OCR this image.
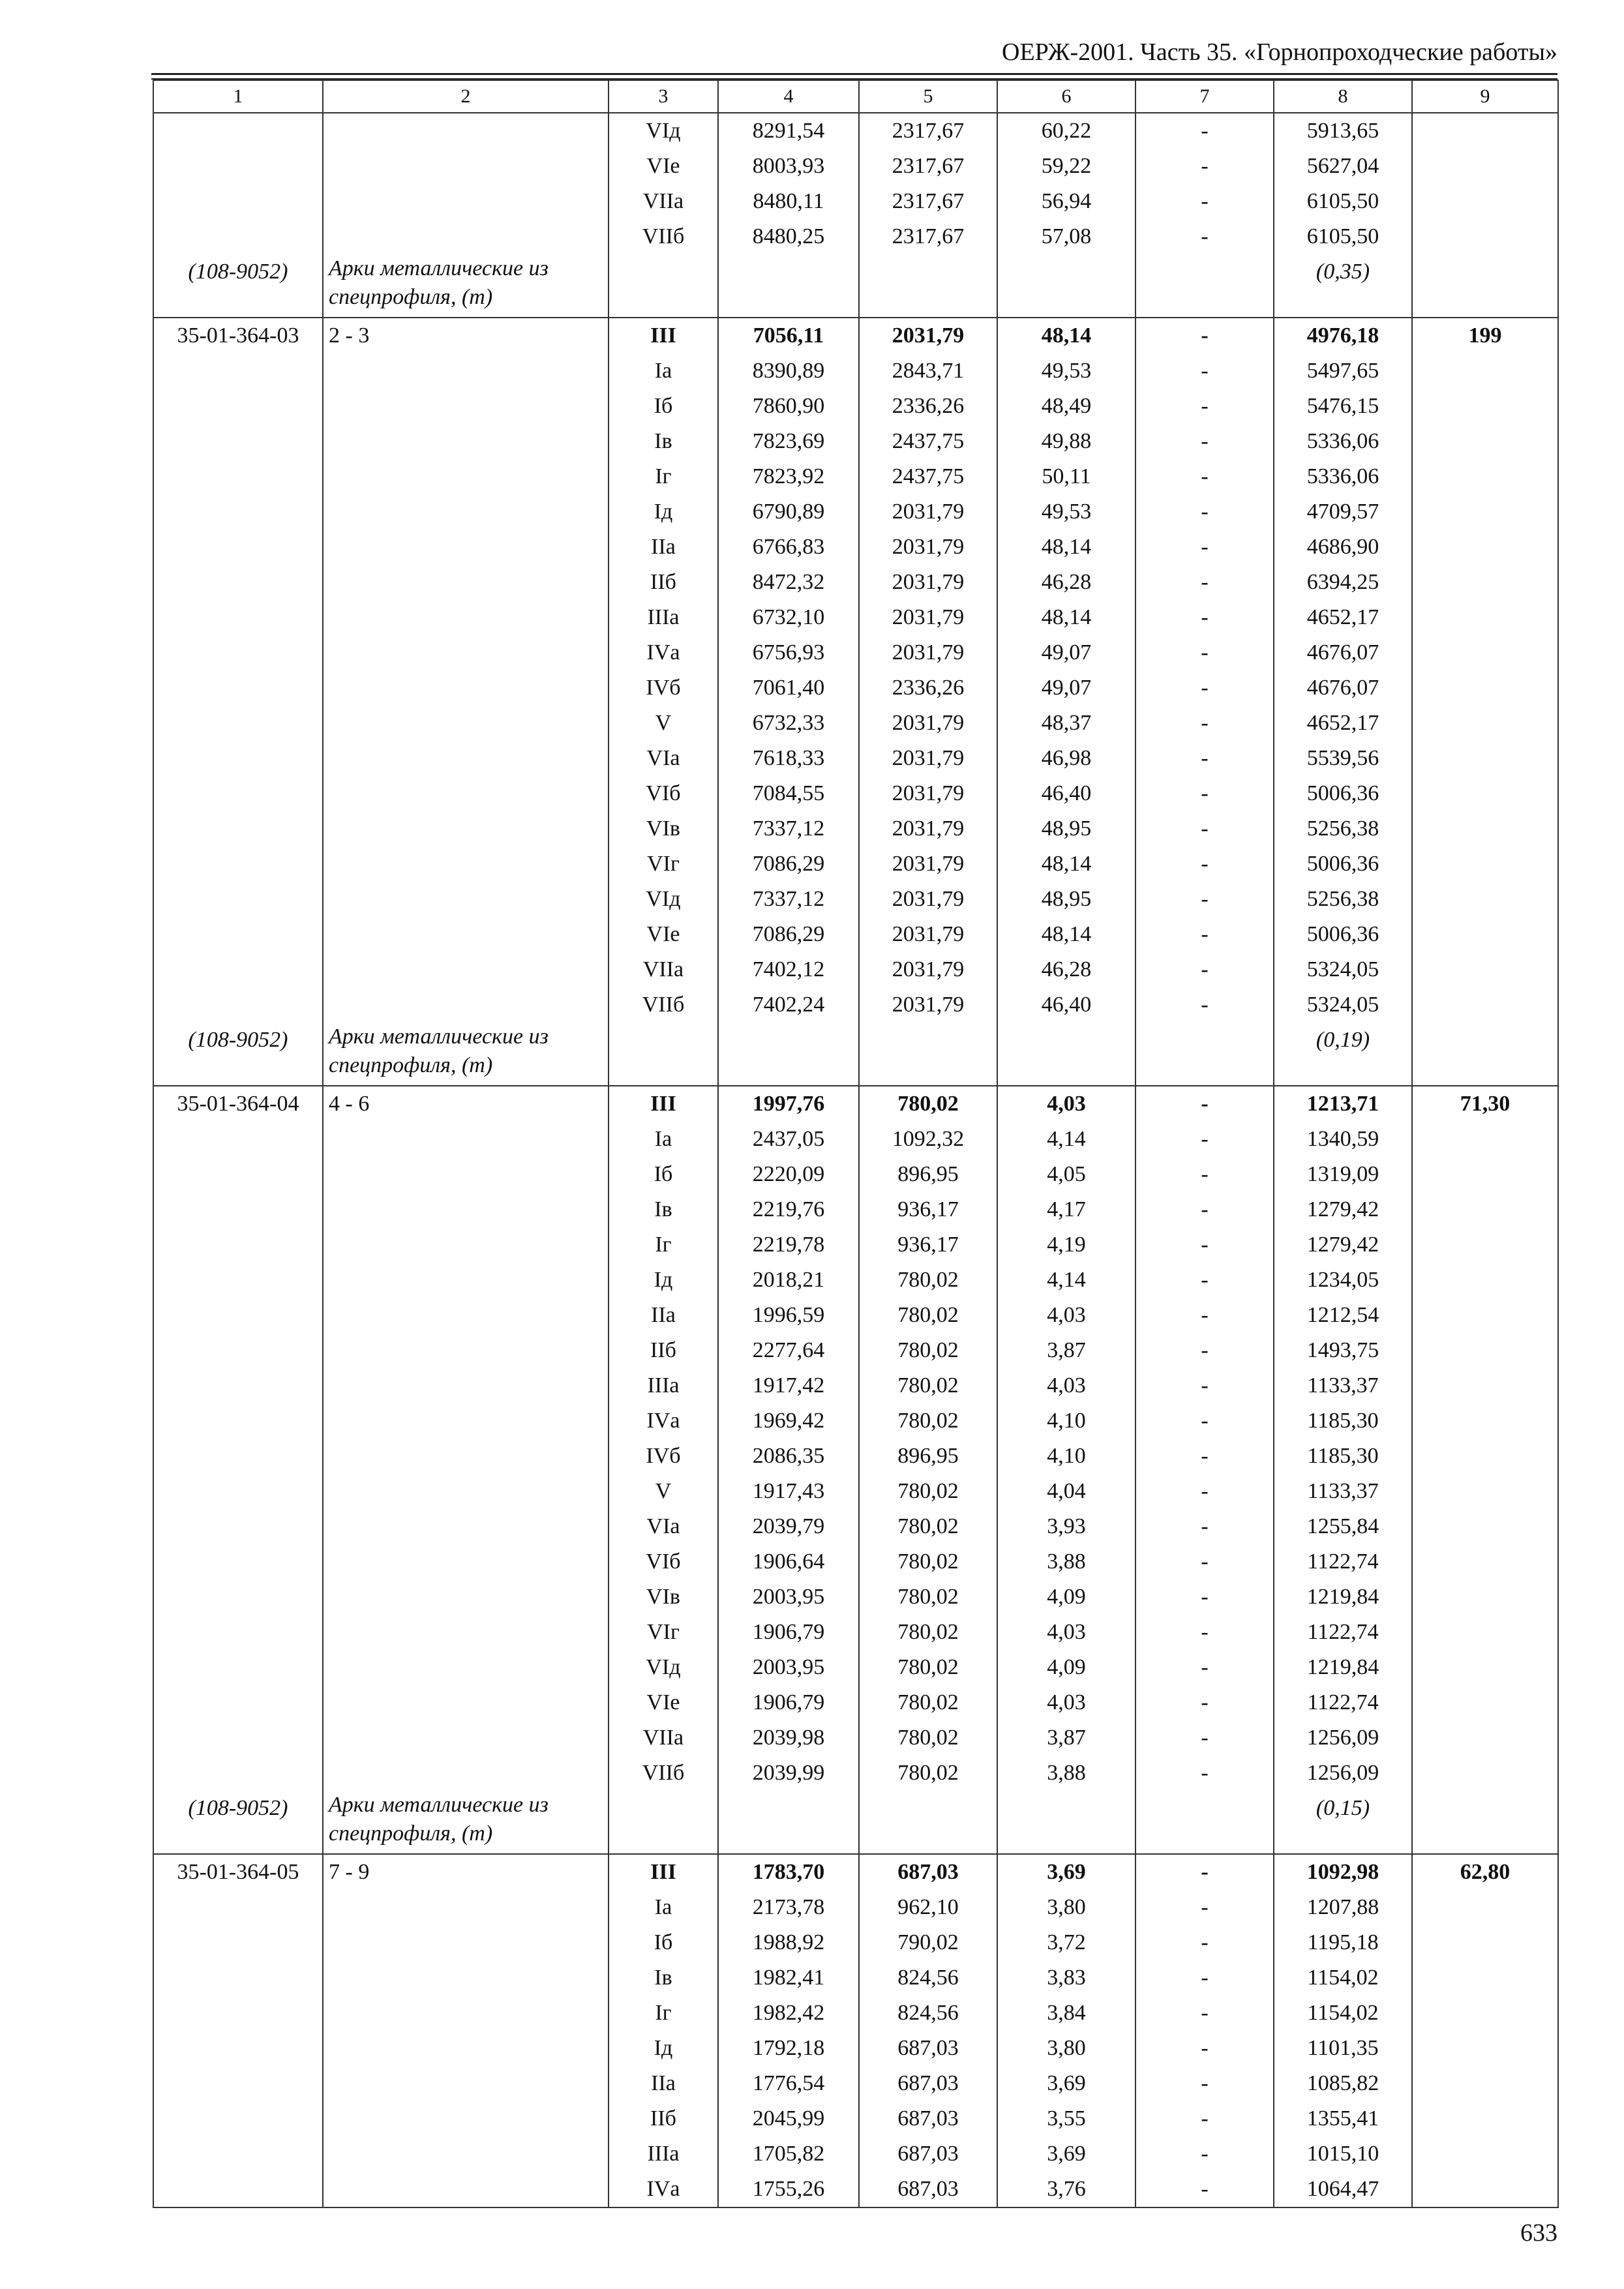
ОЕРЖ-2001. Часть 35. «Горнопроходческие работы»
1	2	3	4	5	6	7	8	9
		VIд	8291,54	2317,67	60,22	-	5913,65	
		VIе	8003,93	2317,67	59,22	-	5627,04	
		VIIа	8480,11	2317,67	56,94	-	6105,50	
		VIIб	8480,25	2317,67	57,08	-	6105,50	
(108-9052)	Арки металлические из спецпрофиля, (т)						(0,35)	
35-01-364-03	2 - 3	III	7056,11	2031,79	48,14	-	4976,18	199
		Iа	8390,89	2843,71	49,53	-	5497,65	
		Iб	7860,90	2336,26	48,49	-	5476,15	
		Iв	7823,69	2437,75	49,88	-	5336,06	
		Iг	7823,92	2437,75	50,11	-	5336,06	
		Iд	6790,89	2031,79	49,53	-	4709,57	
		IIа	6766,83	2031,79	48,14	-	4686,90	
		IIб	8472,32	2031,79	46,28	-	6394,25	
		IIIа	6732,10	2031,79	48,14	-	4652,17	
		IVа	6756,93	2031,79	49,07	-	4676,07	
		IVб	7061,40	2336,26	49,07	-	4676,07	
		V	6732,33	2031,79	48,37	-	4652,17	
		VIа	7618,33	2031,79	46,98	-	5539,56	
		VIб	7084,55	2031,79	46,40	-	5006,36	
		VIв	7337,12	2031,79	48,95	-	5256,38	
		VIг	7086,29	2031,79	48,14	-	5006,36	
		VIд	7337,12	2031,79	48,95	-	5256,38	
		VIе	7086,29	2031,79	48,14	-	5006,36	
		VIIа	7402,12	2031,79	46,28	-	5324,05	
		VIIб	7402,24	2031,79	46,40	-	5324,05	
(108-9052)	Арки металлические из спецпрофиля, (т)						(0,19)	
35-01-364-04	4 - 6	III	1997,76	780,02	4,03	-	1213,71	71,30
		Iа	2437,05	1092,32	4,14	-	1340,59	
		Iб	2220,09	896,95	4,05	-	1319,09	
		Iв	2219,76	936,17	4,17	-	1279,42	
		Iг	2219,78	936,17	4,19	-	1279,42	
		Iд	2018,21	780,02	4,14	-	1234,05	
		IIа	1996,59	780,02	4,03	-	1212,54	
		IIб	2277,64	780,02	3,87	-	1493,75	
		IIIа	1917,42	780,02	4,03	-	1133,37	
		IVа	1969,42	780,02	4,10	-	1185,30	
		IVб	2086,35	896,95	4,10	-	1185,30	
		V	1917,43	780,02	4,04	-	1133,37	
		VIа	2039,79	780,02	3,93	-	1255,84	
		VIб	1906,64	780,02	3,88	-	1122,74	
		VIв	2003,95	780,02	4,09	-	1219,84	
		VIг	1906,79	780,02	4,03	-	1122,74	
		VIд	2003,95	780,02	4,09	-	1219,84	
		VIе	1906,79	780,02	4,03	-	1122,74	
		VIIа	2039,98	780,02	3,87	-	1256,09	
		VIIб	2039,99	780,02	3,88	-	1256,09	
(108-9052)	Арки металлические из спецпрофиля, (т)						(0,15)	
35-01-364-05	7 - 9	III	1783,70	687,03	3,69	-	1092,98	62,80
		Iа	2173,78	962,10	3,80	-	1207,88	
		Iб	1988,92	790,02	3,72	-	1195,18	
		Iв	1982,41	824,56	3,83	-	1154,02	
		Iг	1982,42	824,56	3,84	-	1154,02	
		Iд	1792,18	687,03	3,80	-	1101,35	
		IIа	1776,54	687,03	3,69	-	1085,82	
		IIб	2045,99	687,03	3,55	-	1355,41	
		IIIа	1705,82	687,03	3,69	-	1015,10	
		IVа	1755,26	687,03	3,76	-	1064,47	
633
